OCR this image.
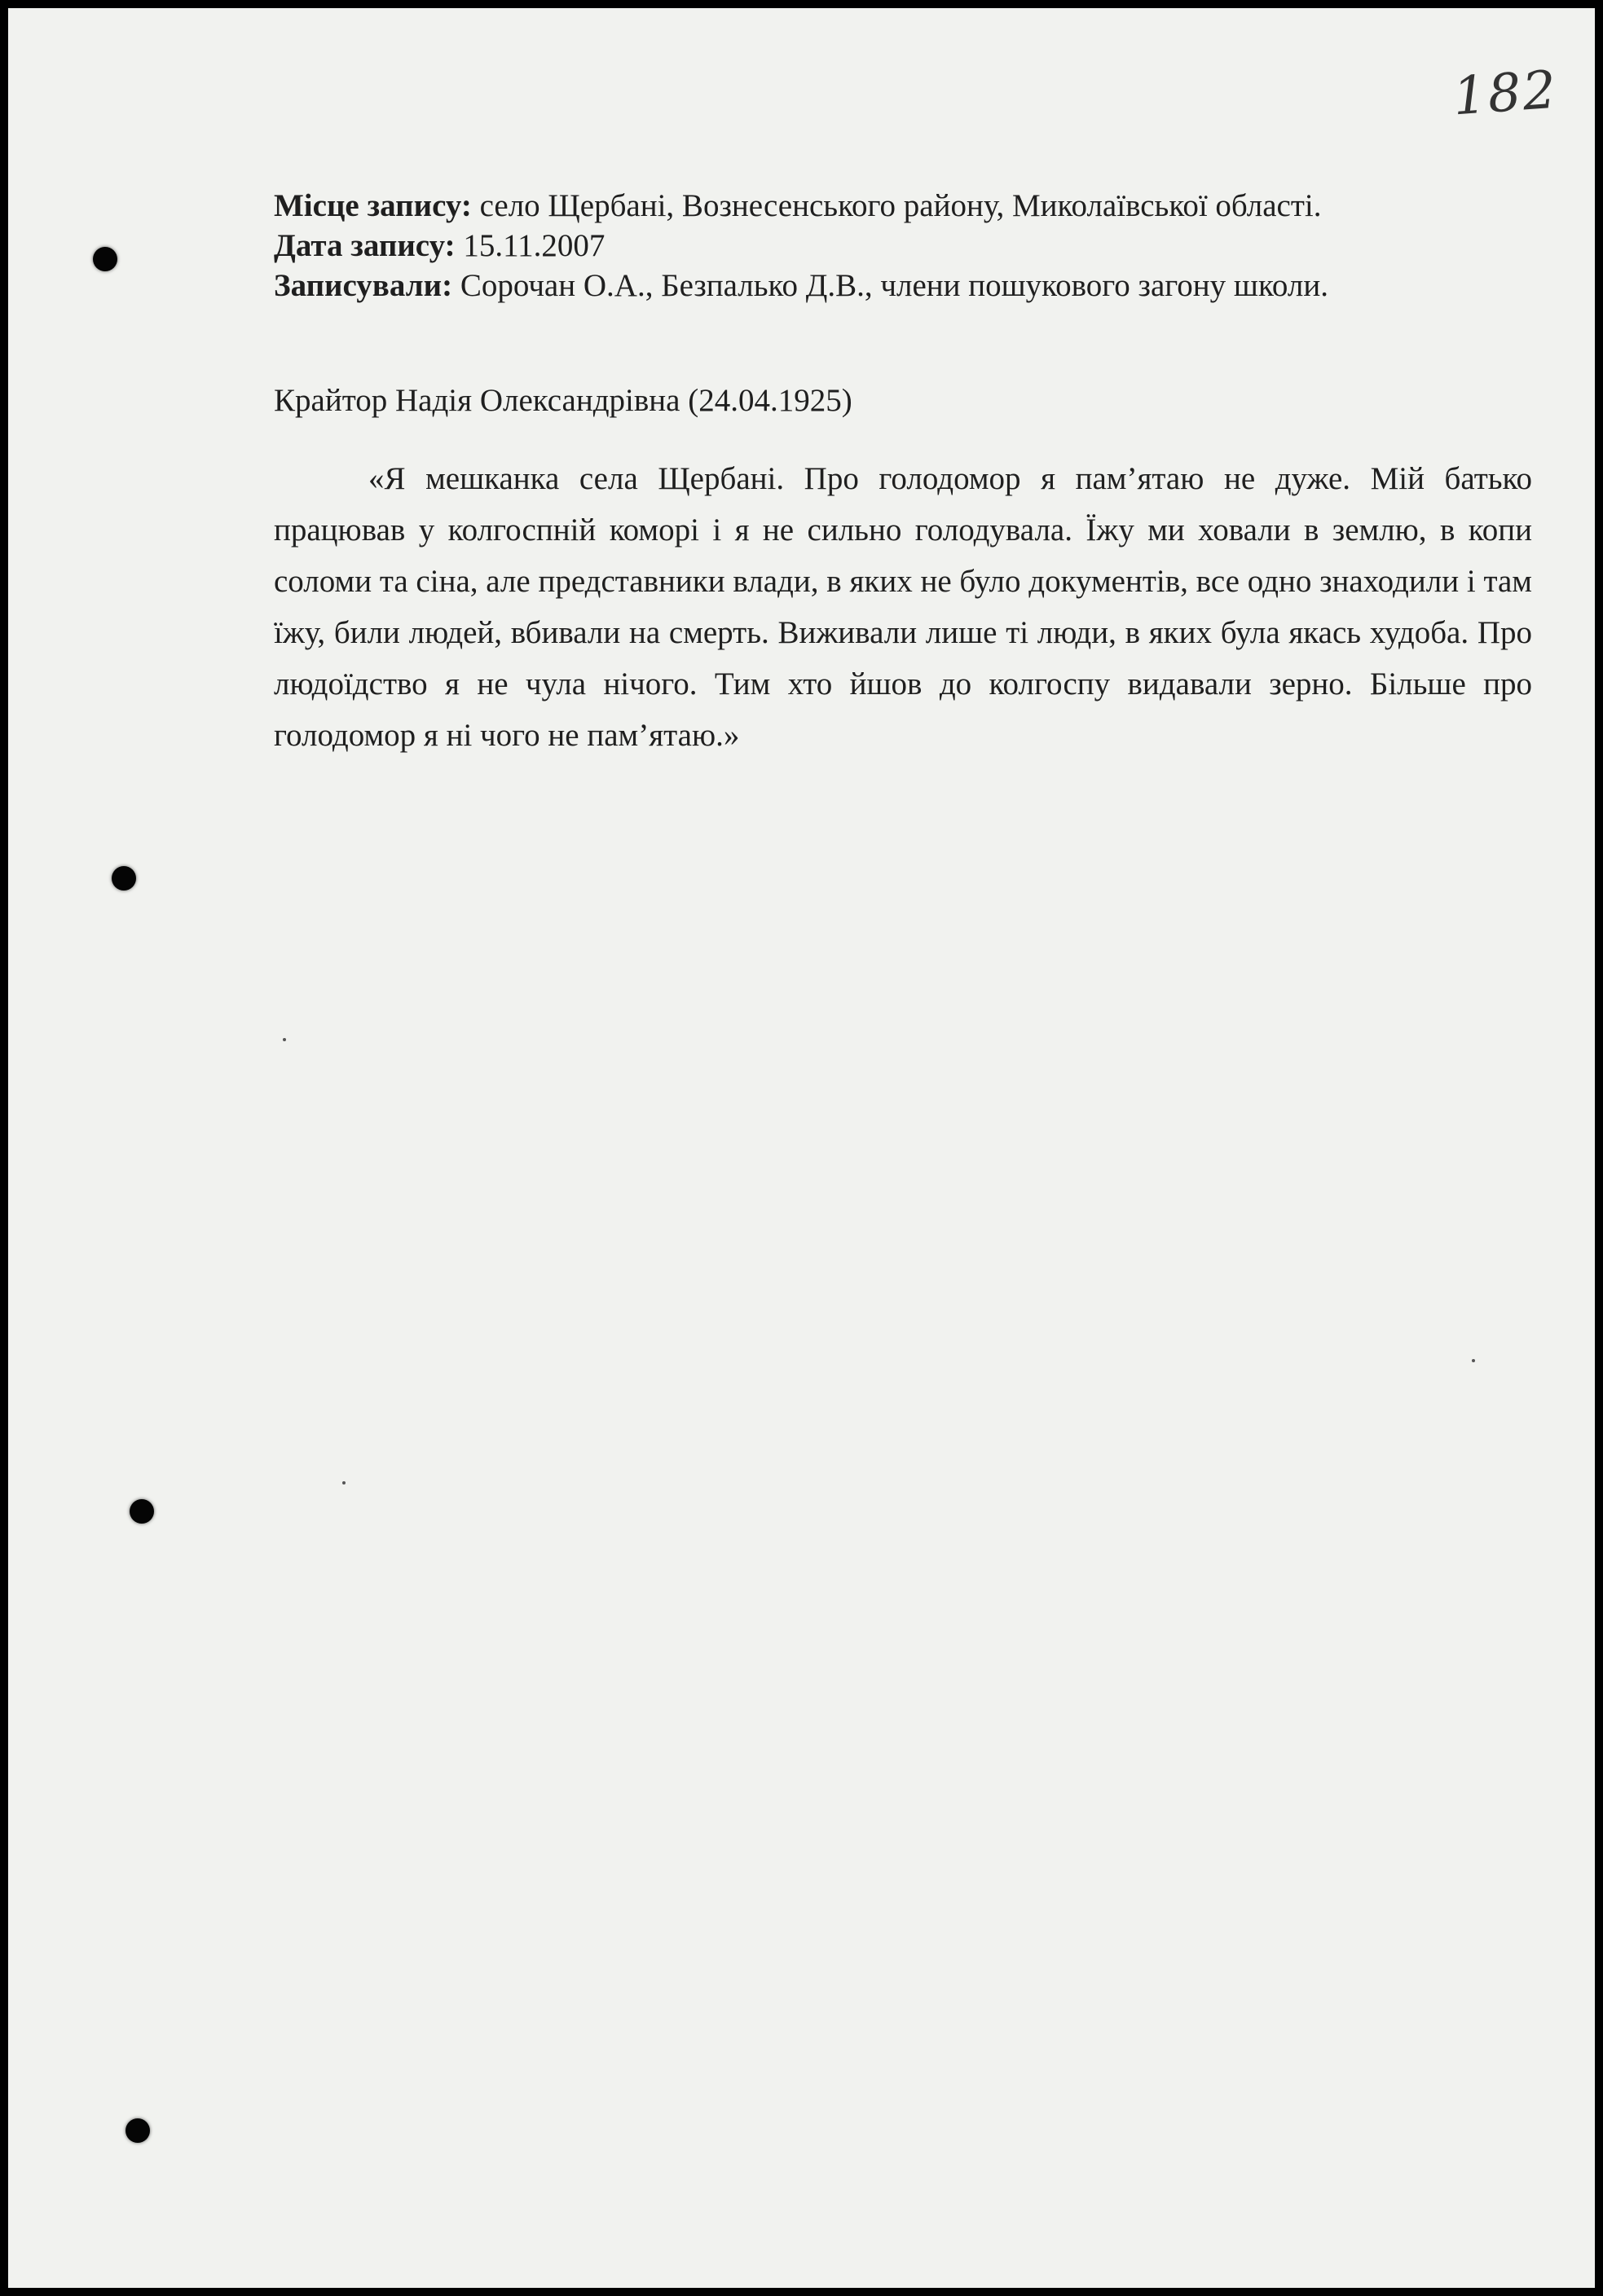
182

Місце запису: село Щербані, Вознесенського району, Миколаївської області.

Дата запису: 15.11.2007

Записували: Сорочан О.А., Безпалько Д.В., члени пошукового загону школи.

Крайтор Надія Олександрівна (24.04.1925)

«Я мешканка села Щербані. Про голодомор я пам’ятаю не дуже. Мій батько працював у колгоспній коморі і я не сильно голодувала. Їжу ми ховали в землю, в копи соломи та сіна, але представники влади, в яких не було документів, все одно знаходили і там їжу, били людей, вбивали на смерть. Виживали лише ті люди, в яких була якась худоба. Про людоїдство я не чула нічого. Тим хто йшов до колгоспу видавали зерно. Більше про голодомор я ні чого не пам’ятаю.»
